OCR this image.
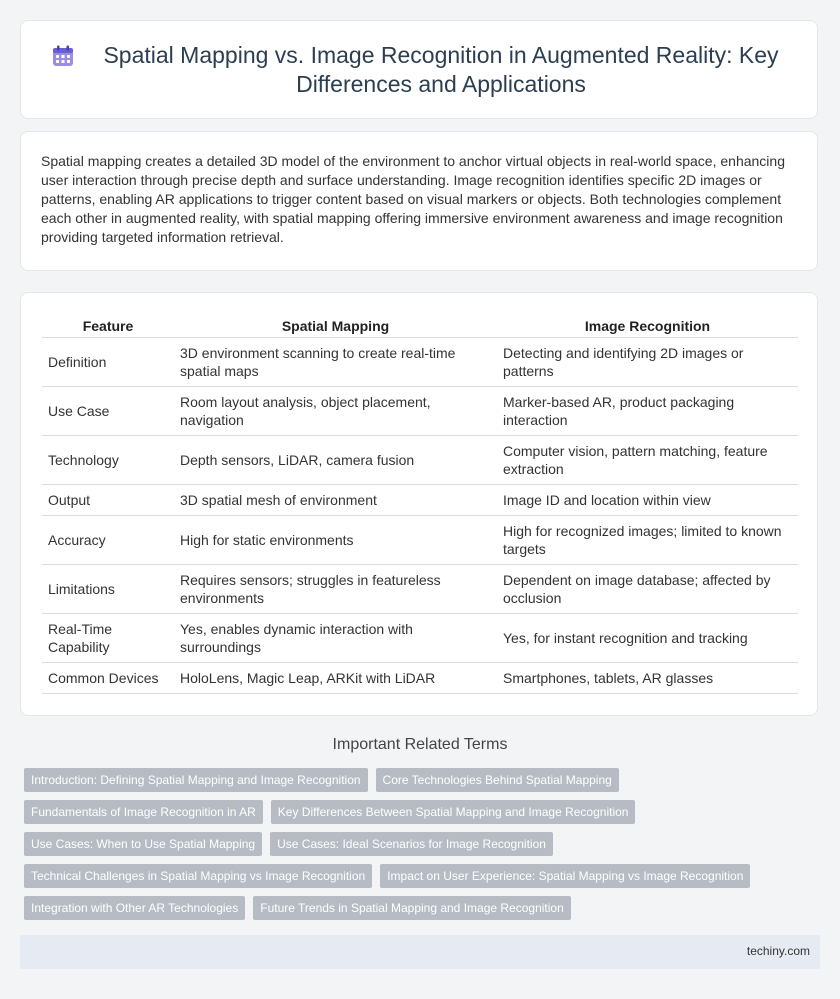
Spatial Mapping vs. Image Recognition in Augmented Reality: Key Differences and Applications

Spatial mapping creates a detailed 3D model of the environment to anchor virtual objects in real-world space, enhancing user interaction through precise depth and surface understanding. Image recognition identifies specific 2D images or patterns, enabling AR applications to trigger content based on visual markers or objects. Both technologies complement each other in augmented reality, with spatial mapping offering immersive environment awareness and image recognition providing targeted information retrieval.

Feature	Spatial Mapping	Image Recognition
Definition	3D environment scanning to create real-time spatial maps	Detecting and identifying 2D images or patterns
Use Case	Room layout analysis, object placement, navigation	Marker-based AR, product packaging interaction
Technology	Depth sensors, LiDAR, camera fusion	Computer vision, pattern matching, feature extraction
Output	3D spatial mesh of environment	Image ID and location within view
Accuracy	High for static environments	High for recognized images; limited to known targets
Limitations	Requires sensors; struggles in featureless environments	Dependent on image database; affected by occlusion
Real-Time Capability	Yes, enables dynamic interaction with surroundings	Yes, for instant recognition and tracking
Common Devices	HoloLens, Magic Leap, ARKit with LiDAR	Smartphones, tablets, AR glasses
Important Related Terms
Introduction: Defining Spatial Mapping and Image Recognition	Core Technologies Behind Spatial Mapping
Fundamentals of Image Recognition in AR	Key Differences Between Spatial Mapping and Image Recognition
Use Cases: When to Use Spatial Mapping	Use Cases: Ideal Scenarios for Image Recognition
Technical Challenges in Spatial Mapping vs Image Recognition	Impact on User Experience: Spatial Mapping vs Image Recognition
Integration with Other AR Technologies	Future Trends in Spatial Mapping and Image Recognition
techiny.com
